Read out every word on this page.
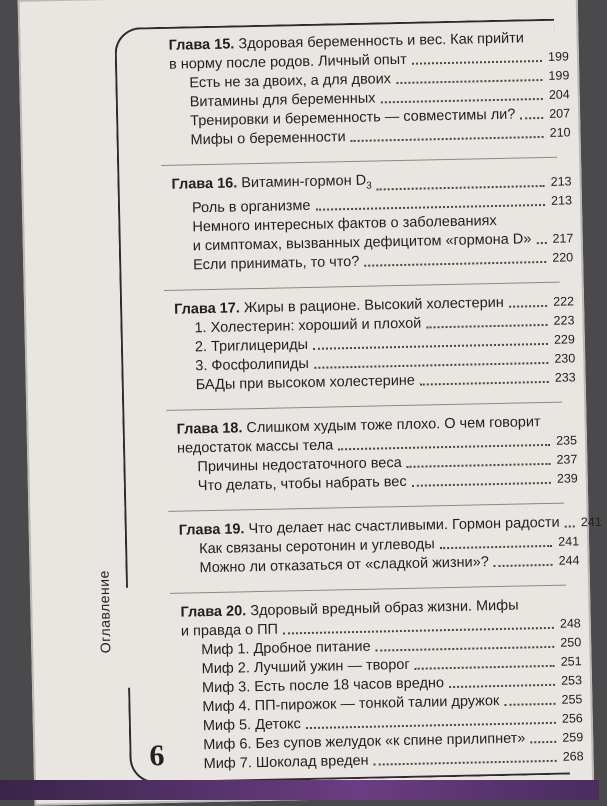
Оглавление
6
Глава 15. Здоровая беременность и вес. Как прийти
в норму после родов. Личный опыт	199
Есть не за двоих, а для двоих	199
Витамины для беременных	204
Тренировки и беременность — совместимы ли?	207
Мифы о беременности	210
Глава 16. Витамин-гормон $D_3$	213
Роль в организме	213
Немного интересных фактов о заболеваниях
и симптомах, вызванных дефицитом «гормона D» 217
Если принимать, то что?	220
Глава 17. Жиры в рационе. Высокий холестерин	222
1. Холестерин: хороший и плохой	223
2. Триглицериды	229
3. Фосфолипиды	230
БАДы при высоком холестерине	233
Глава 18. Слишком худым тоже плохо. О чем говорит
недостаток массы тела	235
Причины недостаточного веса	237
Что делать, чтобы набрать вес	239
Глава 19. Что делает нас счастливыми. Гормон радости 241
Как связаны серотонин и углеводы	241
Можно ли отказаться от «сладкой жизни»?	244
Глава 20. Здоровый вредный образ жизни. Мифы
и правда о ПП	248
Миф 1. Дробное питание	250
Миф 2. Лучший ужин — творог	251
Миф 3. Есть после 18 часов вредно	253
Миф 4. ПП-пирожок — тонкой талии дружок	255
Миф 5. Детокс	256
Миф 6. Без супов желудок «к спине прилипнет»	259
Миф 7. Шоколад вреден	268
